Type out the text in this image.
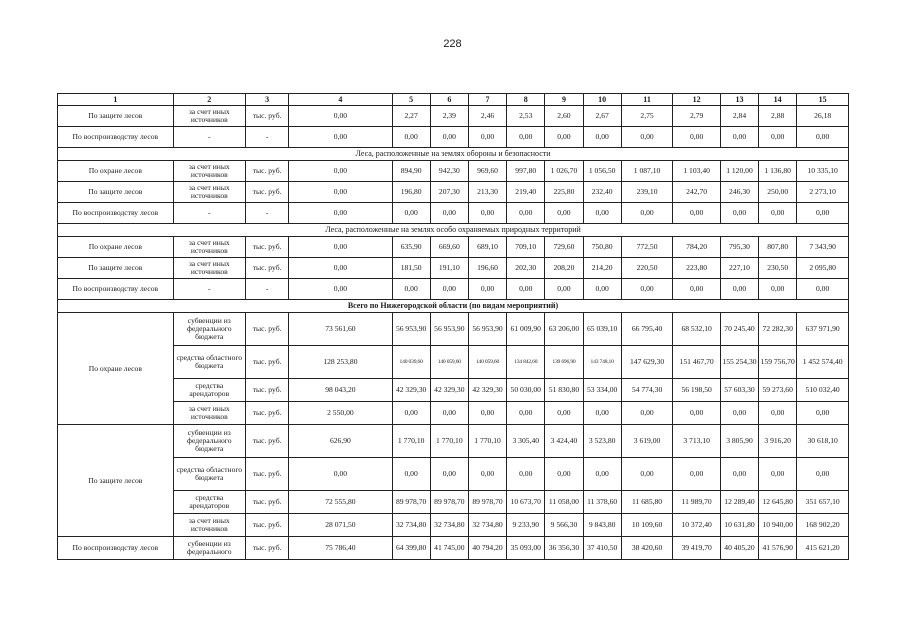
228
1	2	3	4	5	6	7	8	9	10	11	12	13	14	15
По защите лесов	за счет иных источников	тыс. руб.	0,00	2,27	2,39	2,46	2,53	2,60	2,67	2,75	2,79	2,84	2,88	26,18
По воспроизводству лесов	-	-	0,00	0,00	0,00	0,00	0,00	0,00	0,00	0,00	0,00	0,00	0,00	0,00
Леса, расположенные на землях обороны и безопасности														
По охране лесов	за счет иных источников	тыс. руб.	0,00	894,90	942,30	969,60	997,80	1 026,70	1 056,50	1 087,10	1 103,40	1 120,00	1 136,80	10 335,10
По защите лесов	за счет иных источников	тыс. руб.	0,00	196,80	207,30	213,30	219,40	225,80	232,40	239,10	242,70	246,30	250,00	2 273,10
По воспроизводству лесов	-	-	0,00	0,00	0,00	0,00	0,00	0,00	0,00	0,00	0,00	0,00	0,00	0,00
Леса, расположенные на землях особо охраняемых природных территорий														
По охране лесов	за счет иных источников	тыс. руб.	0,00	635,90	669,60	689,10	709,10	729,60	750,80	772,50	784,20	795,30	807,80	7 343,90
По защите лесов	за счет иных источников	тыс. руб.	0,00	181,50	191,10	196,60	202,30	208,20	214,20	220,50	223,80	227,10	230,50	2 095,80
По воспроизводству лесов	-	-	0,00	0,00	0,00	0,00	0,00	0,00	0,00	0,00	0,00	0,00	0,00	0,00
Всего по Нижегородской области (по видам мероприятий)														
По охране лесов	субвенции из федерального бюджета	тыс. руб.	73 561,60	56 953,90	56 953,90	56 953,90	61 009,90	63 206,00	65 039,10	66 795,40	68 532,10	70 245,40	72 282,30	637 971,90
	средства областного бюджета	тыс. руб.	128 253,80	140 039,60	140 059,60	140 059,60	134 842,60	139 696,90	143 748,10	147 629,30	151 467,70	155 254,30	159 756,70	1 452 574,40
	средства арендаторов	тыс. руб.	98 043,20	42 329,30	42 329,30	42 329,30	50 030,00	51 830,80	53 334,00	54 774,30	56 198,50	57 603,30	59 273,60	510 032,40
	за счет иных источников	тыс. руб.	2 550,00	0,00	0,00	0,00	0,00	0,00	0,00	0,00	0,00	0,00	0,00	0,00
По защите лесов	субвенции из федерального бюджета	тыс. руб.	626,90	1 770,10	1 770,10	1 770,10	3 305,40	3 424,40	3 523,80	3 619,00	3 713,10	3 805,90	3 916,20	30 618,10
	средства областного бюджета	тыс. руб.	0,00	0,00	0,00	0,00	0,00	0,00	0,00	0,00	0,00	0,00	0,00	0,00
	средства арендаторов	тыс. руб.	72 555,80	89 978,70	89 978,70	89 978,70	10 673,70	11 058,00	11 378,60	11 685,80	11 989,70	12 289,40	12 645,80	351 657,10
	за счет иных источников	тыс. руб.	28 071,50	32 734,80	32 734,80	32 734,80	9 233,90	9 566,30	9 843,80	10 109,60	10 372,40	10 631,80	10 940,00	168 902,20
По воспроизводству лесов	субвенции из федерального	тыс. руб.	75 786,40	64 399,80	41 745,00	40 794,20	35 093,00	36 356,30	37 410,50	38 420,60	39 419,70	40 405,20	41 576,90	415 621,20
